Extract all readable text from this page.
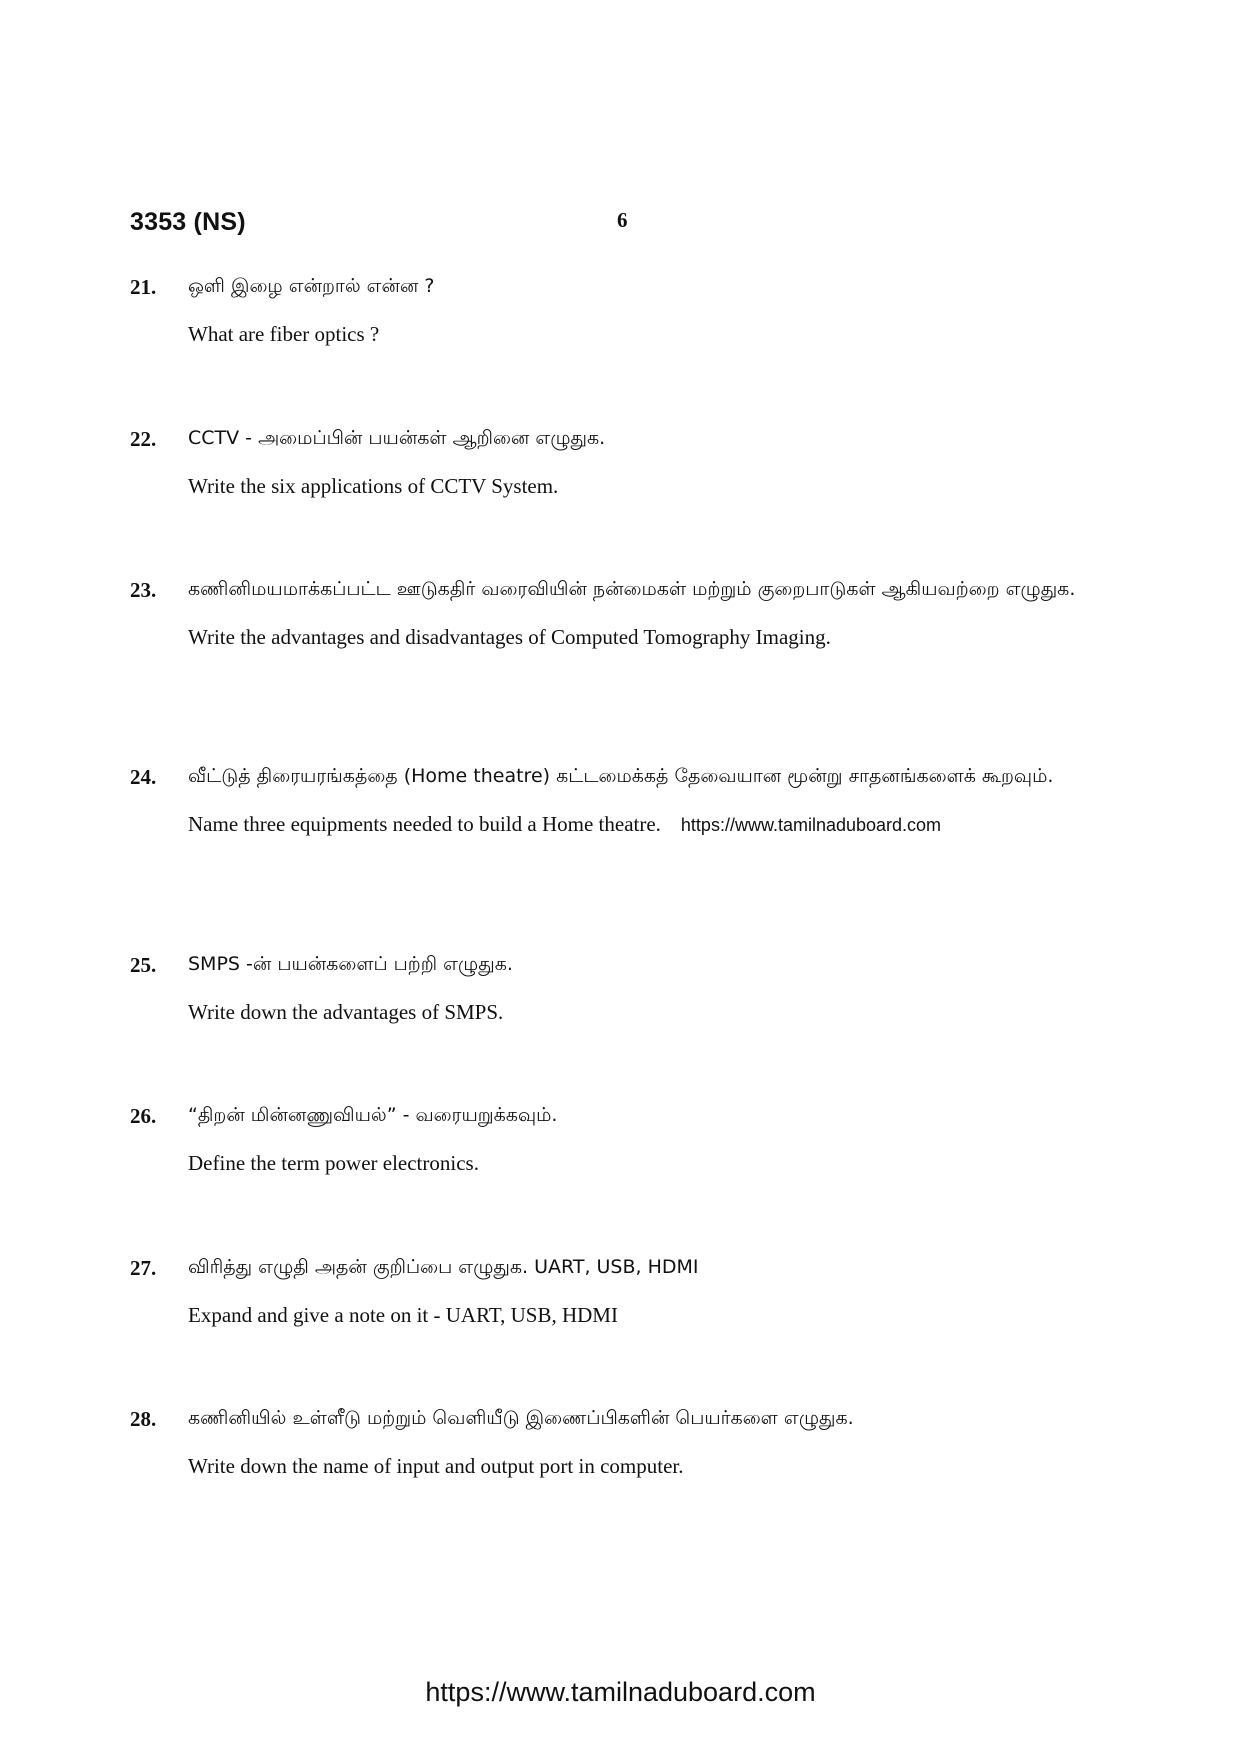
3353 (NS)	6
21. ஒளி இழை என்றால் என்ன ?
What are fiber optics ?
22. CCTV - அமைப்பின் பயன்கள் ஆறினை எழுதுக.
Write the six applications of CCTV System.
23. கணினிமயமாக்கப்பட்ட ஊடுகதிர் வரைவியின் நன்மைகள் மற்றும் குறைபாடுகள் ஆகியவற்றை எழுதுக.
Write the advantages and disadvantages of Computed Tomography Imaging.
24. வீட்டுத் திரையரங்கத்தை (Home theatre) கட்டமைக்கத் தேவையான மூன்று சாதனங்களைக் கூறவும்.
Name three equipments needed to build a Home theatre. https://www.tamilnaduboard.com
25. SMPS -ன் பயன்களைப் பற்றி எழுதுக.
Write down the advantages of SMPS.
26. “திறன் மின்னணுவியல்” - வரையறுக்கவும்.
Define the term power electronics.
27. விரித்து எழுதி அதன் குறிப்பை எழுதுக. UART, USB, HDMI
Expand and give a note on it - UART, USB, HDMI
28. கணினியில் உள்ளீடு மற்றும் வெளியீடு இணைப்பிகளின் பெயர்களை எழுதுக.
Write down the name of input and output port in computer.
https://www.tamilnaduboard.com
